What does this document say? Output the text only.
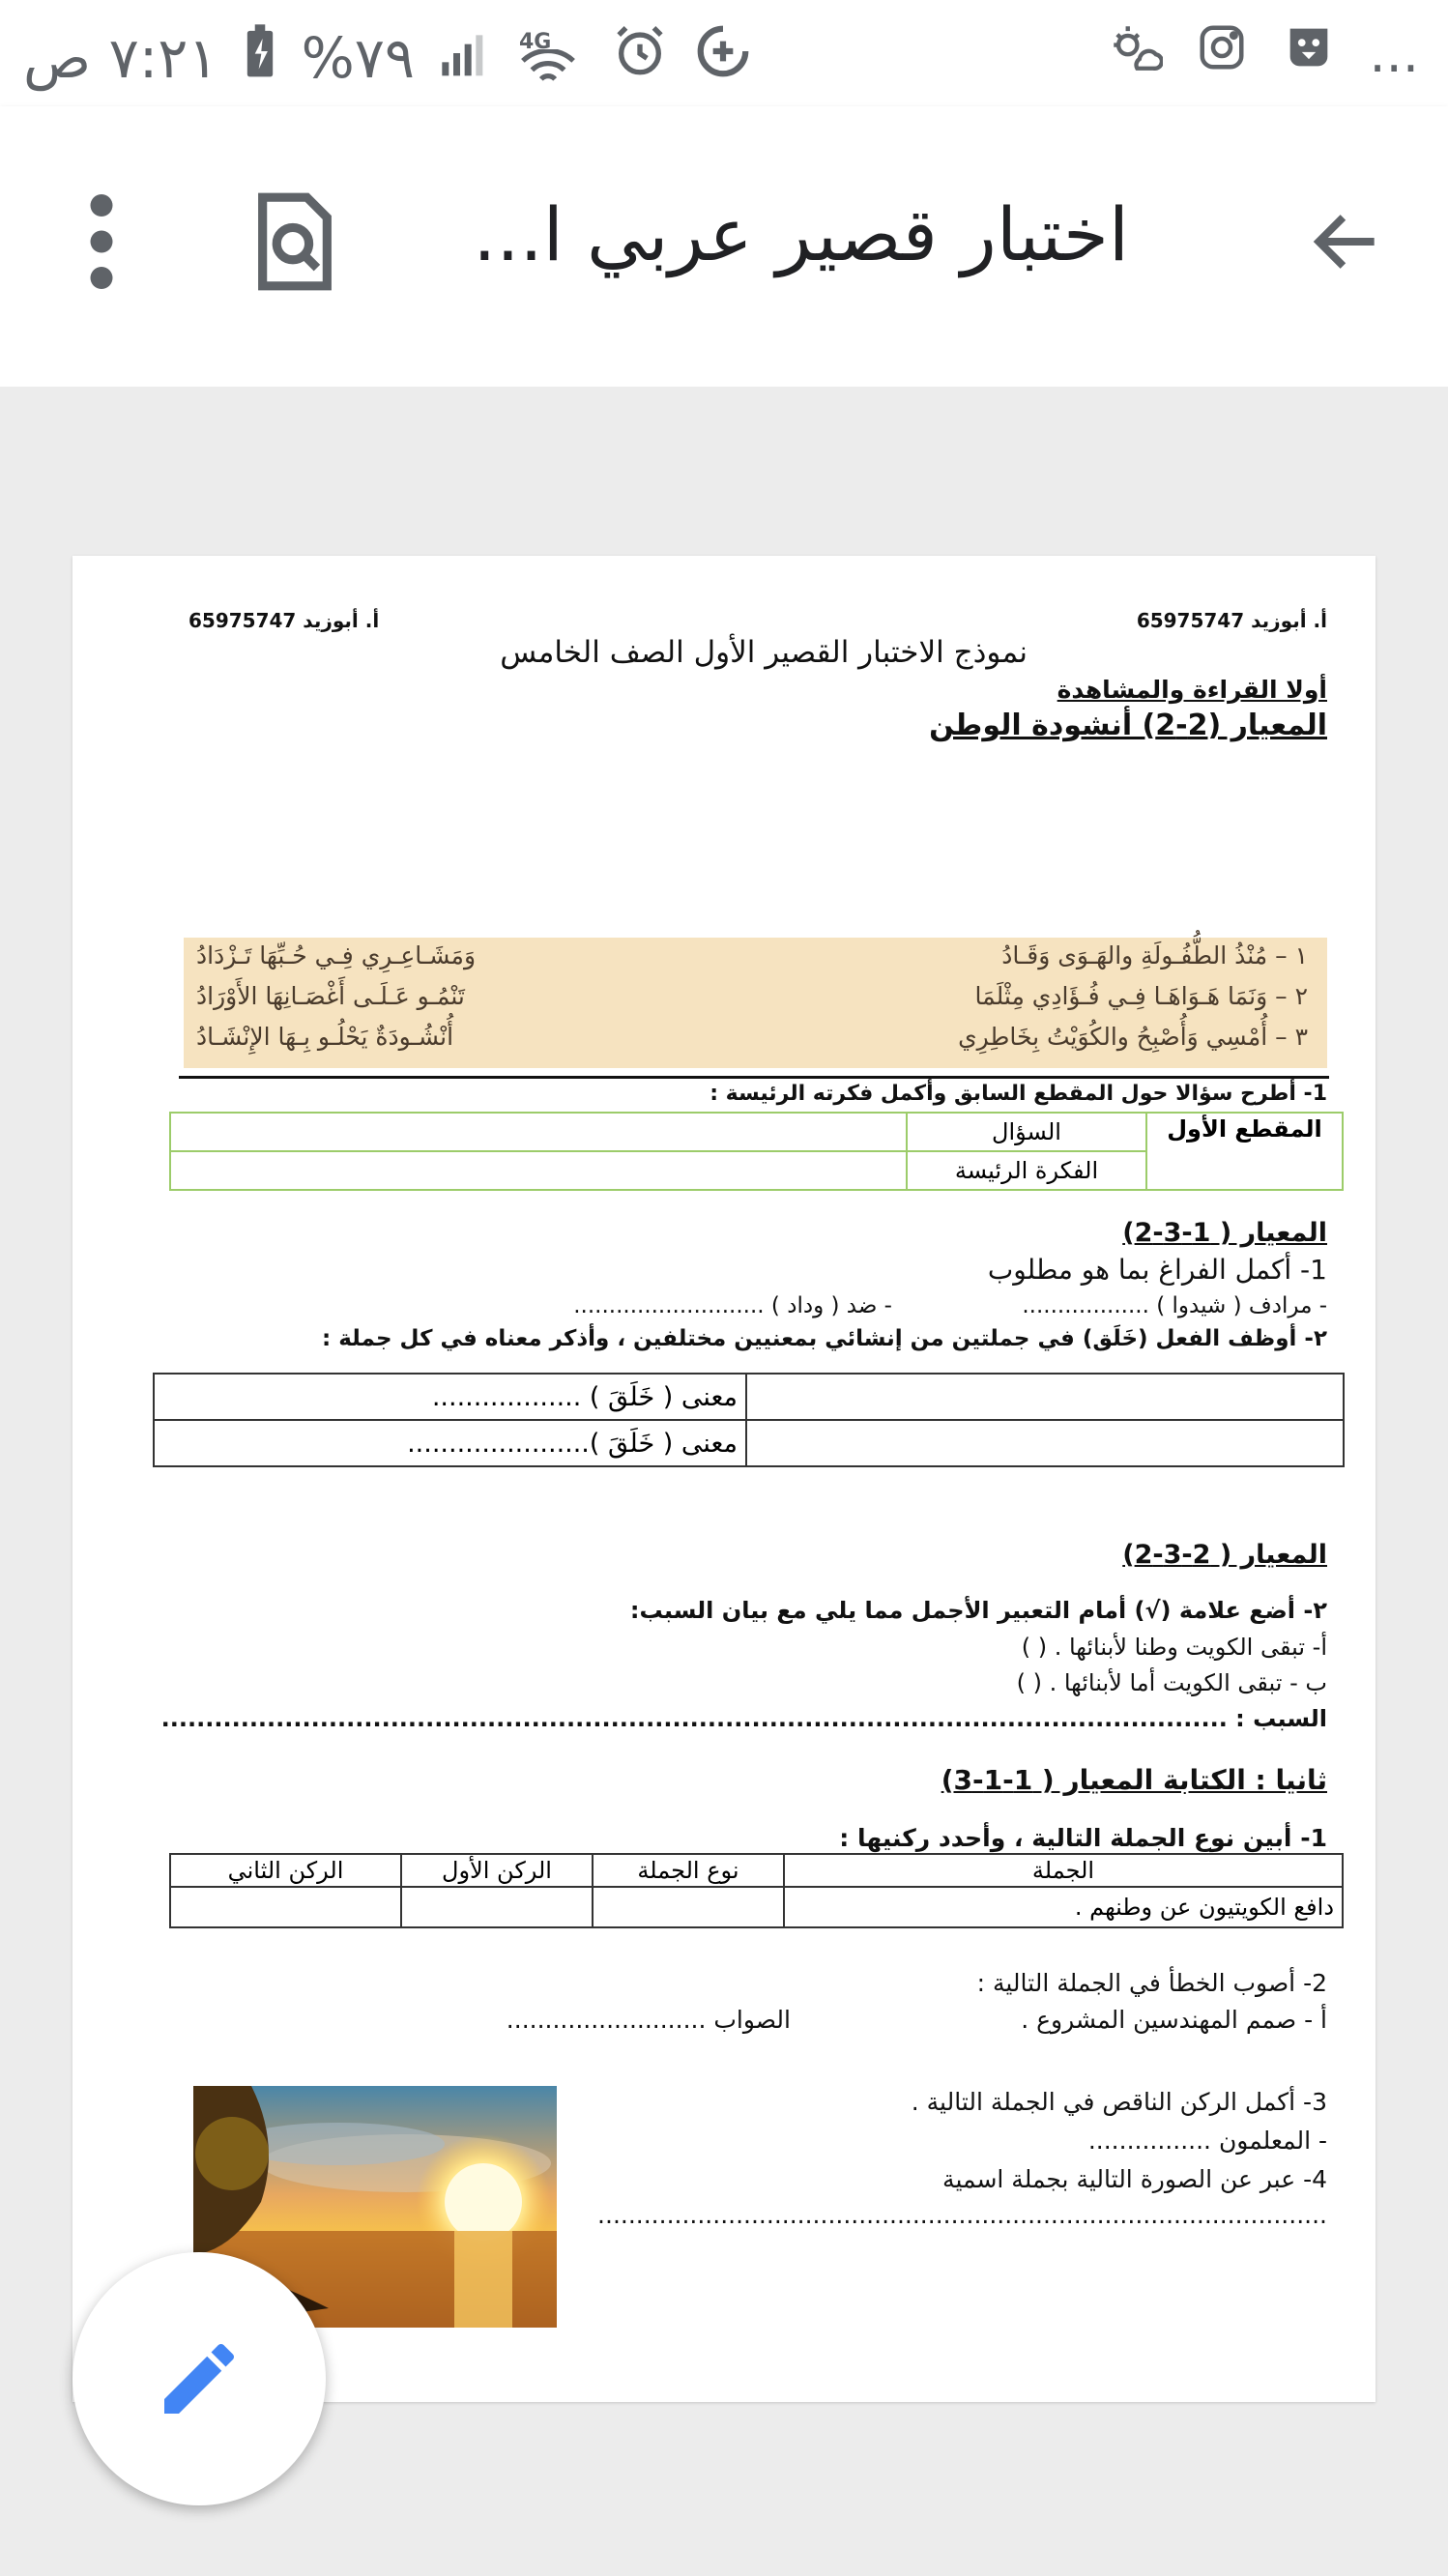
...
٧:٢١ ص %٧٩	4G
اختبار قصير عربي ا...
أ. أبوزيد 65975747
أ. أبوزيد 65975747
نموذج الاختبار القصير الأول الصف الخامس
أولا القراءة والمشاهدة
المعيار (2-2) أنشودة الوطن
١ – مُنْذُ الطُّفُـولَةِ والهَـوَى وَقَـادُ
وَمَشَـاعِـرِي فِـي حُـبِّهَا تَـزْدَادُ
٢ – وَنَمَا هَـوَاهَـا فِـي فُـؤَادِي مِثْلَمَا
تَنْمُـو عَـلَـى أَغْصَـانِهَا الأَوْرَادُ
٣ – أُمْسِي وَأُصْبِحُ والكُوَيْتُ بِخَاطِرِي
أُنْشُـودَةٌ يَحْلُـو بِـهَا الإِنْشَـادُ
1- أطرح سؤالا حول المقطع السابق وأكمل فكرته الرئيسة :
المقطع الأول	السؤال	
	الفكرة الرئيسة	
المعيار ( 1-3-2)
1- أكمل الفراغ بما هو مطلوب
- مرادف ( شيدوا ) ..................
- ضد ( وداد ) ...........................
٢- أوظف الفعل (خَلَق) في جملتين من إنشائي بمعنيين مختلفين ، وأذكر معناه في كل جملة :
	معنى ( خَلَقَ ) ..................
	معنى ( خَلَقَ )......................
المعيار ( 2-3-2)
٢- أضع علامة (√) أمام التعبير الأجمل مما يلي مع بيان السبب:
أ- تبقى الكويت وطنا لأبنائها . ( )
ب - تبقى الكويت أما لأبنائها . ( )
السبب : .........................................................................................................................
ثانيا : الكتابة المعيار ( 1-1-3)
1- أبين نوع الجملة التالية ، وأحدد ركنيها :
الجملة	نوع الجملة	الركن الأول	الركن الثاني
دافع الكويتيون عن وطنهم .			
2- أصوب الخطأ في الجملة التالية :
أ - صمم المهندسين المشروع .
الصواب ..........................
3- أكمل الركن الناقص في الجملة التالية .
- المعلمون ................
4- عبر عن الصورة التالية بجملة اسمية
...............................................................................................
